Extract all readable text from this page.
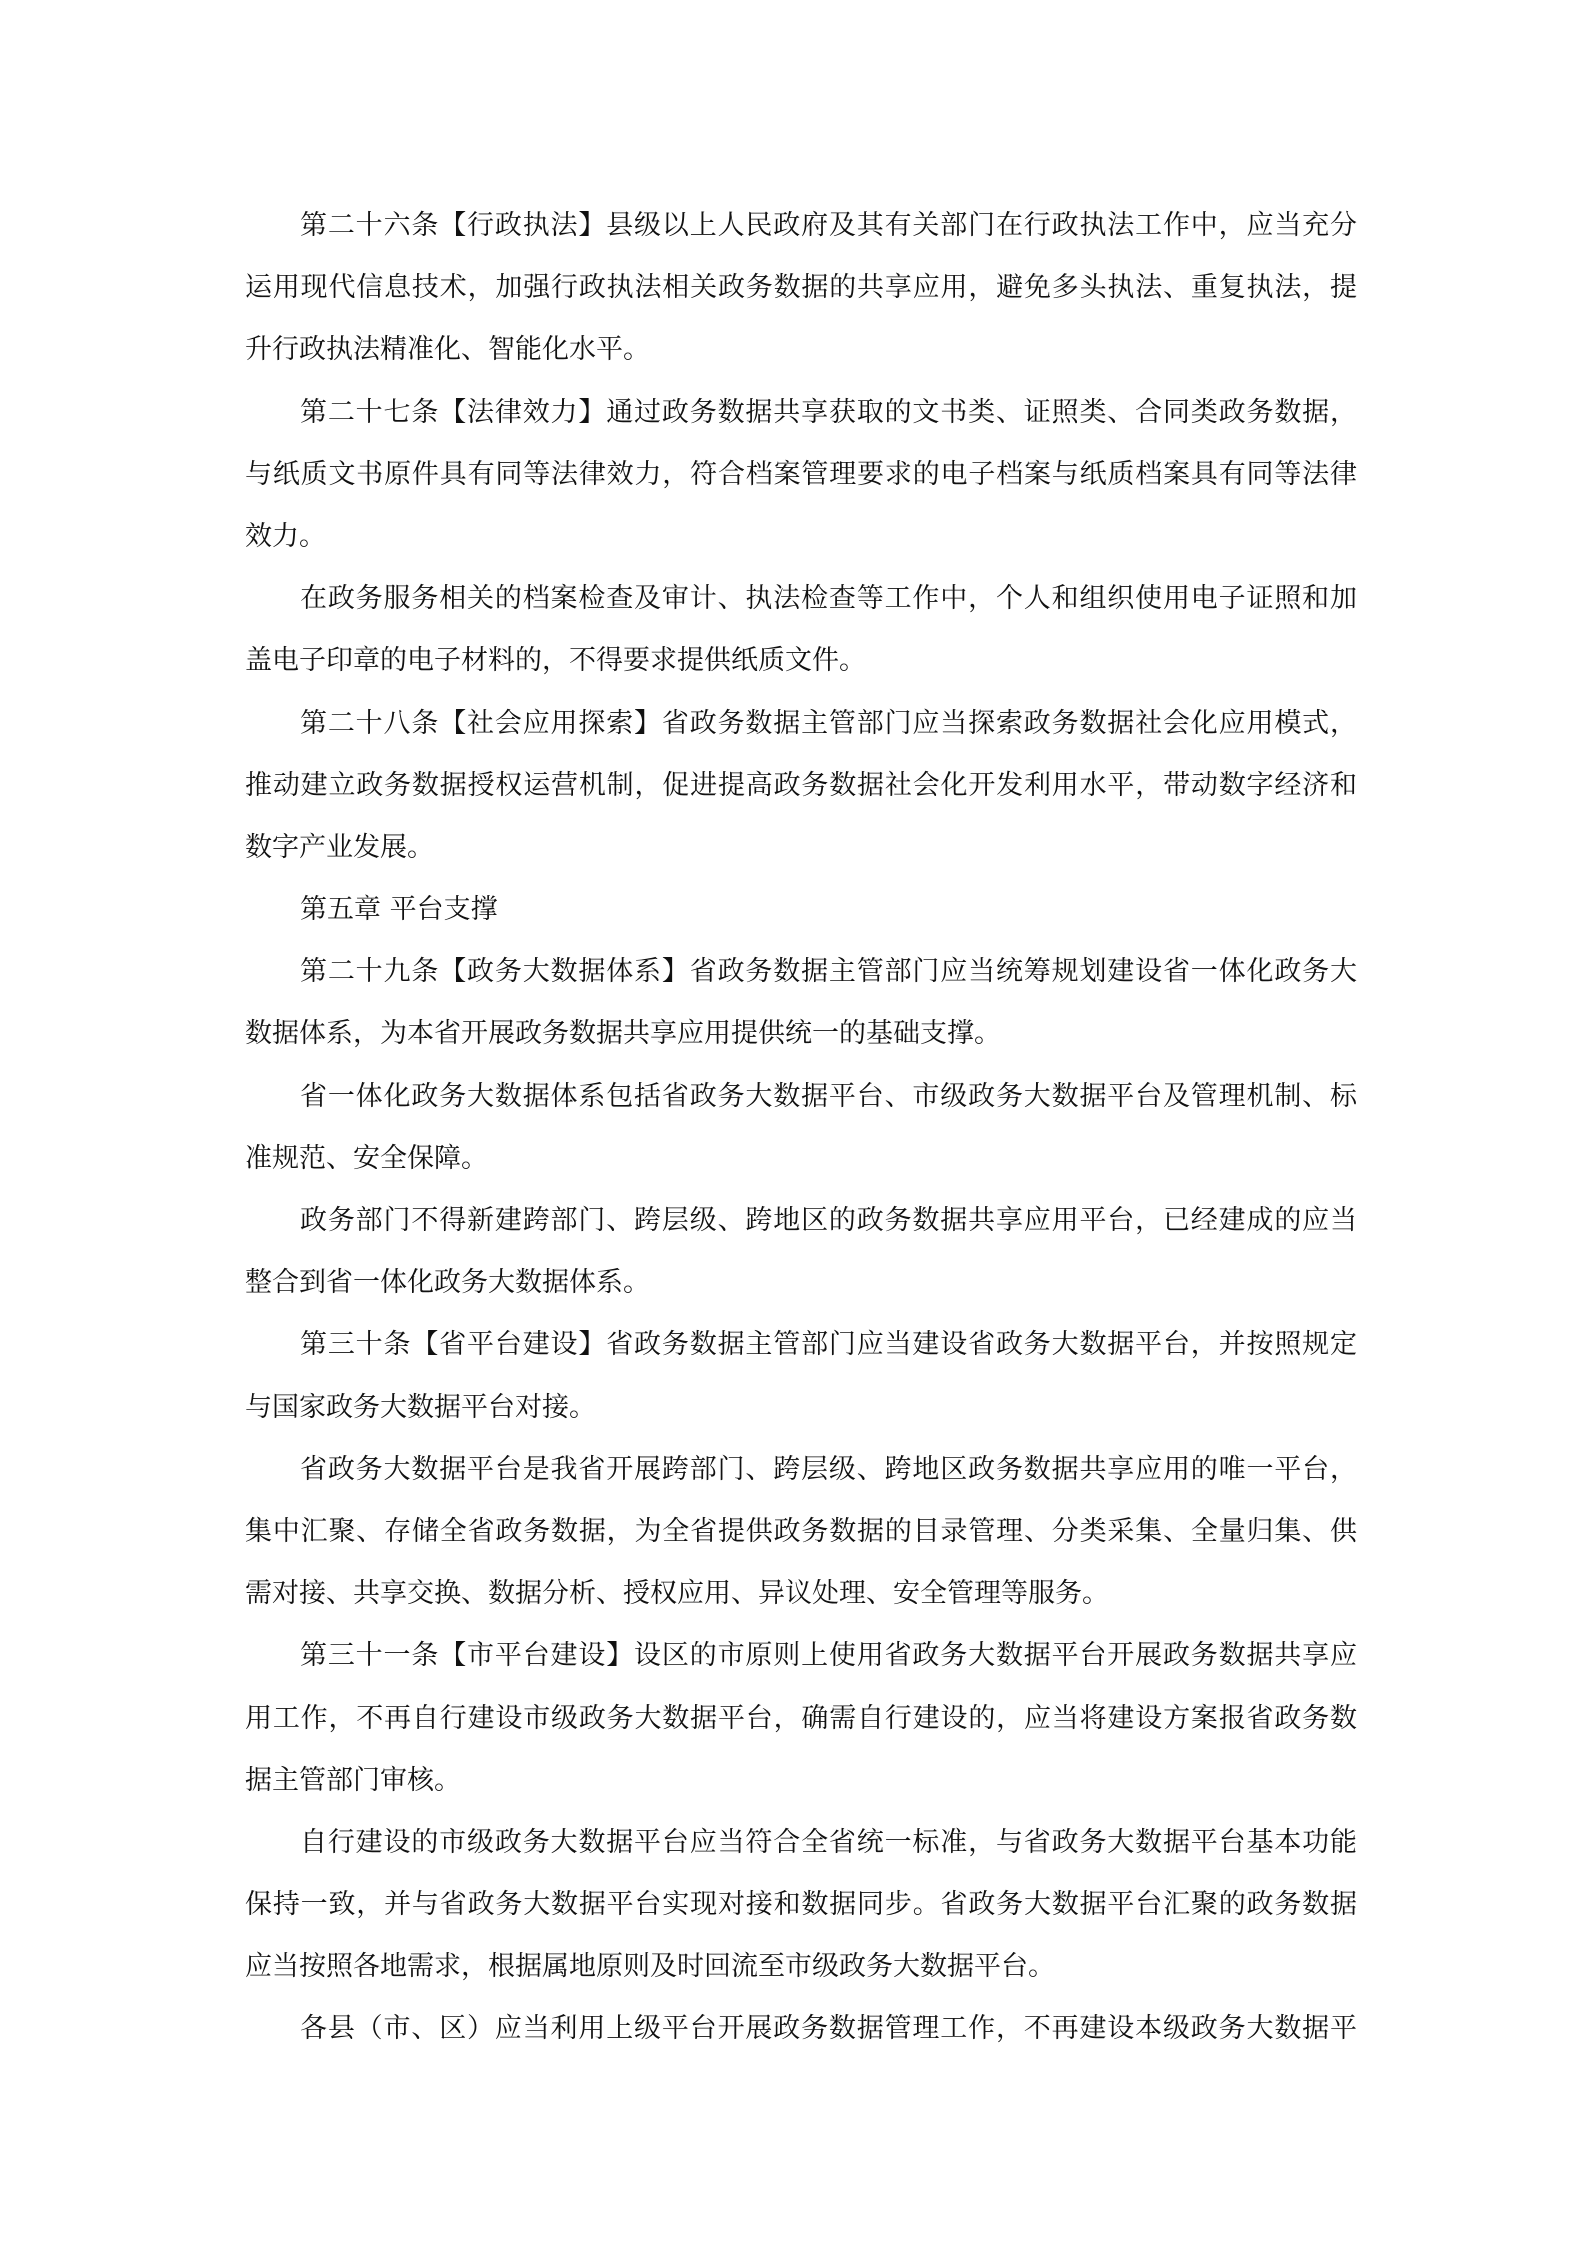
第二十六条【行政执法】县级以上人民政府及其有关部门在行政执法工作中，应当充分
运用现代信息技术，加强行政执法相关政务数据的共享应用，避免多头执法、重复执法，提
升行政执法精准化、智能化水平。
第二十七条【法律效力】通过政务数据共享获取的文书类、证照类、合同类政务数据，
与纸质文书原件具有同等法律效力，符合档案管理要求的电子档案与纸质档案具有同等法律
效力。
在政务服务相关的档案检查及审计、执法检查等工作中，个人和组织使用电子证照和加
盖电子印章的电子材料的，不得要求提供纸质文件。
第二十八条【社会应用探索】省政务数据主管部门应当探索政务数据社会化应用模式，
推动建立政务数据授权运营机制，促进提高政务数据社会化开发利用水平，带动数字经济和
数字产业发展。
第五章 平台支撑
第二十九条【政务大数据体系】省政务数据主管部门应当统筹规划建设省一体化政务大
数据体系，为本省开展政务数据共享应用提供统一的基础支撑。
省一体化政务大数据体系包括省政务大数据平台、市级政务大数据平台及管理机制、标
准规范、安全保障。
政务部门不得新建跨部门、跨层级、跨地区的政务数据共享应用平台，已经建成的应当
整合到省一体化政务大数据体系。
第三十条【省平台建设】省政务数据主管部门应当建设省政务大数据平台，并按照规定
与国家政务大数据平台对接。
省政务大数据平台是我省开展跨部门、跨层级、跨地区政务数据共享应用的唯一平台，
集中汇聚、存储全省政务数据，为全省提供政务数据的目录管理、分类采集、全量归集、供
需对接、共享交换、数据分析、授权应用、异议处理、安全管理等服务。
第三十一条【市平台建设】设区的市原则上使用省政务大数据平台开展政务数据共享应
用工作，不再自行建设市级政务大数据平台，确需自行建设的，应当将建设方案报省政务数
据主管部门审核。
自行建设的市级政务大数据平台应当符合全省统一标准，与省政务大数据平台基本功能
保持一致，并与省政务大数据平台实现对接和数据同步。省政务大数据平台汇聚的政务数据
应当按照各地需求，根据属地原则及时回流至市级政务大数据平台。
各县（市、区）应当利用上级平台开展政务数据管理工作，不再建设本级政务大数据平
